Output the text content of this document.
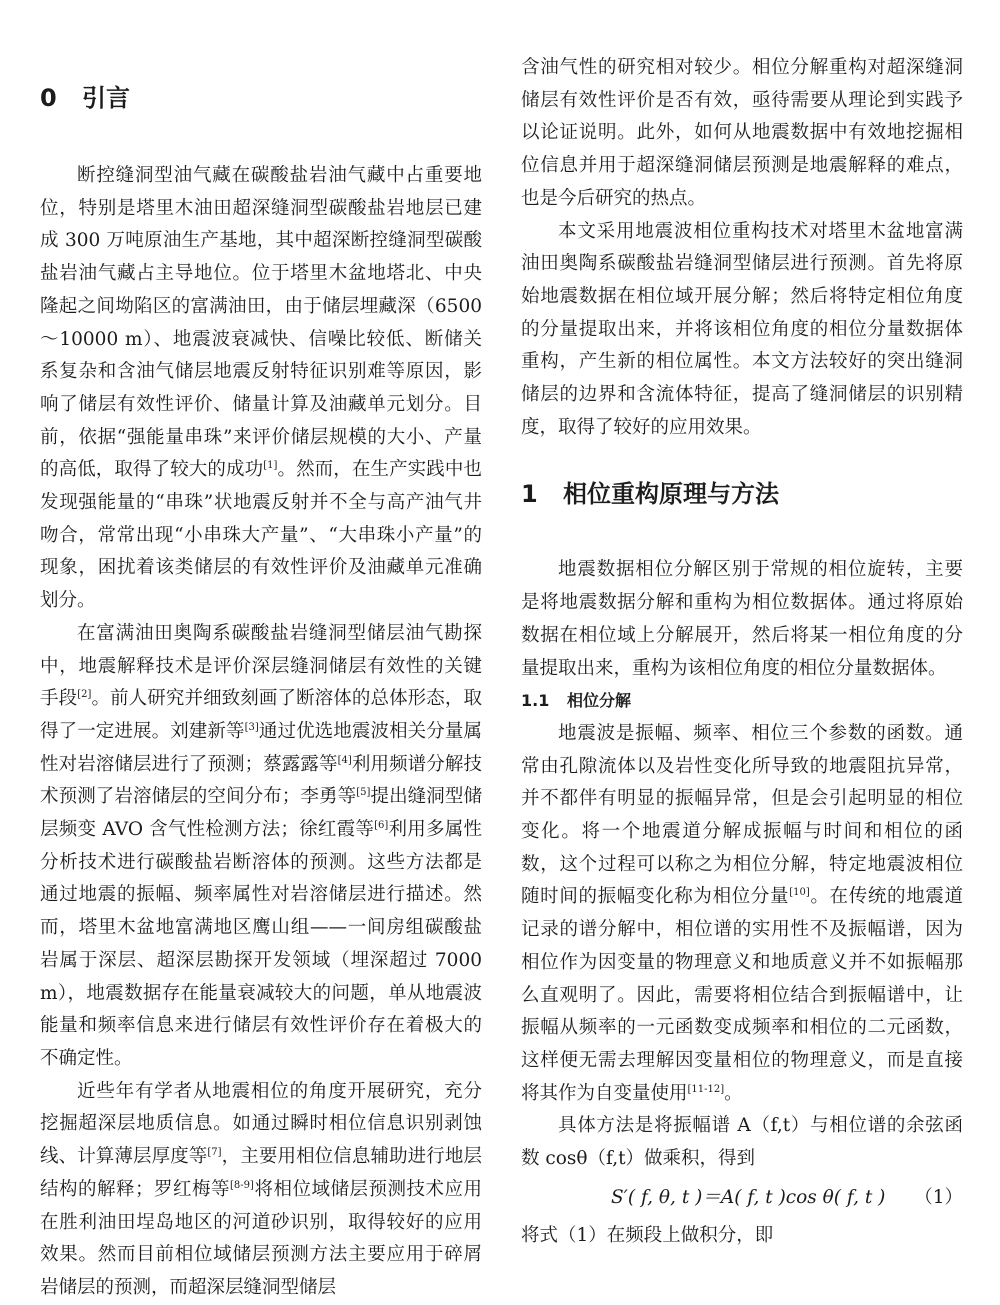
0 引言

断控缝洞型油气藏在碳酸盐岩油气藏中占重要地位，特别是塔里木油田超深缝洞型碳酸盐岩地层已建成 300 万吨原油生产基地，其中超深断控缝洞型碳酸盐岩油气藏占主导地位。位于塔里木盆地塔北、中央隆起之间坳陷区的富满油田，由于储层埋藏深（6500～10000 m）、地震波衰减快、信噪比较低、断储关系复杂和含油气储层地震反射特征识别难等原因，影响了储层有效性评价、储量计算及油藏单元划分。目前，依据“强能量串珠”来评价储层规模的大小、产量的高低，取得了较大的成功[1]。然而，在生产实践中也发现强能量的“串珠”状地震反射并不全与高产油气井吻合，常常出现“小串珠大产量”、“大串珠小产量”的现象，困扰着该类储层的有效性评价及油藏单元准确划分。

在富满油田奥陶系碳酸盐岩缝洞型储层油气勘探中，地震解释技术是评价深层缝洞储层有效性的关键手段[2]。前人研究并细致刻画了断溶体的总体形态，取得了一定进展。刘建新等[3]通过优选地震波相关分量属性对岩溶储层进行了预测；蔡露露等[4]利用频谱分解技术预测了岩溶储层的空间分布；李勇等[5]提出缝洞型储层频变 AVO 含气性检测方法；徐红霞等[6]利用多属性分析技术进行碳酸盐岩断溶体的预测。这些方法都是通过地震的振幅、频率属性对岩溶储层进行描述。然而，塔里木盆地富满地区鹰山组——一间房组碳酸盐岩属于深层、超深层勘探开发领域（埋深超过 7000 m），地震数据存在能量衰减较大的问题，单从地震波能量和频率信息来进行储层有效性评价存在着极大的不确定性。

近些年有学者从地震相位的角度开展研究，充分挖掘超深层地质信息。如通过瞬时相位信息识别剥蚀线、计算薄层厚度等[7]，主要用相位信息辅助进行地层结构的解释；罗红梅等[8-9]将相位域储层预测技术应用在胜利油田埕岛地区的河道砂识别，取得较好的应用效果。然而目前相位域储层预测方法主要应用于碎屑岩储层的预测，而超深层缝洞型储层

含油气性的研究相对较少。相位分解重构对超深缝洞储层有效性评价是否有效，亟待需要从理论到实践予以论证说明。此外，如何从地震数据中有效地挖掘相位信息并用于超深缝洞储层预测是地震解释的难点，也是今后研究的热点。

本文采用地震波相位重构技术对塔里木盆地富满油田奥陶系碳酸盐岩缝洞型储层进行预测。首先将原始地震数据在相位域开展分解；然后将特定相位角度的分量提取出来，并将该相位角度的相位分量数据体重构，产生新的相位属性。本文方法较好的突出缝洞储层的边界和含流体特征，提高了缝洞储层的识别精度，取得了较好的应用效果。

1 相位重构原理与方法

地震数据相位分解区别于常规的相位旋转，主要是将地震数据分解和重构为相位数据体。通过将原始数据在相位域上分解展开，然后将某一相位角度的分量提取出来，重构为该相位角度的相位分量数据体。

1.1 相位分解

地震波是振幅、频率、相位三个参数的函数。通常由孔隙流体以及岩性变化所导致的地震阻抗异常，并不都伴有明显的振幅异常，但是会引起明显的相位变化。将一个地震道分解成振幅与时间和相位的函数，这个过程可以称之为相位分解，特定地震波相位随时间的振幅变化称为相位分量[10]。在传统的地震道记录的谱分解中，相位谱的实用性不及振幅谱，因为相位作为因变量的物理意义和地质意义并不如振幅那么直观明了。因此，需要将相位结合到振幅谱中，让振幅从频率的一元函数变成频率和相位的二元函数，这样便无需去理解因变量相位的物理意义，而是直接将其作为自变量使用[11-12]。

具体方法是将振幅谱 A（f,t）与相位谱的余弦函数 cosθ（f,t）做乘积，得到

S′( f, θ, t )＝A( f, t )cos θ( f, t ) （1）

将式（1）在频段上做积分，即
